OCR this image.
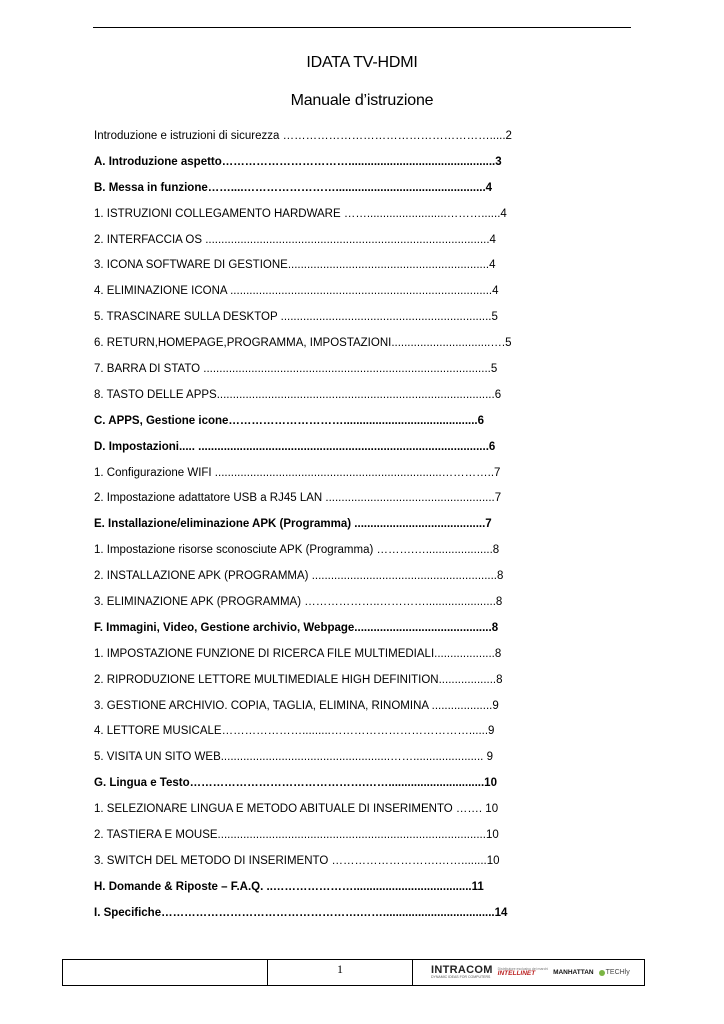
IDATA TV-HDMI
Manuale d’istruzione
Introduzione e istruzioni di sicurezza ……………………………………………….....2
A. Introduzione aspetto……………………………..............................................3
B. Messa in funzione……....……………………...............................................4
1. ISTRUZIONI COLLEGAMENTO HARDWARE …….........................………......4
2. INTERFACCIA OS .........................................................................................4
3. ICONA SOFTWARE DI GESTIONE...............................................................4
4. ELIMINAZIONE ICONA ..................................................................................4
5. TRASCINARE SULLA DESKTOP ..................................................................5
6. RETURN,HOMEPAGE,PROGRAMMA, IMPOSTAZIONI...............................….5
7. BARRA DI STATO ..........................................................................................5
8. TASTO DELLE APPS.......................................................................................6
C. APPS, Gestione icone…………………………..........................................6
D. Impostazioni..... ...........................................................................................6
1. Configurazione WIFI .......................................................................…………..7
2. Impostazione adattatore USB a RJ45 LAN .....................................................7
E. Installazione/eliminazione APK (Programma) .........................................7
1. Impostazione risorse sconosciute APK (Programma) ……….….....................8
2. INSTALLAZIONE APK (PROGRAMMA) ..........................................................8
3. ELIMINAZIONE APK (PROGRAMMA) ………………..…………......................8
F. Immagini, Video, Gestione archivio, Webpage...........................................8
1. IMPOSTAZIONE FUNZIONE DI RICERCA FILE MULTIMEDIALI...................8
2. RIPRODUZIONE LETTORE MULTIMEDIALE HIGH DEFINITION..................8
3. GESTIONE ARCHIVIO. COPIA, TAGLIA, ELIMINA, RINOMINA ...................9
4. LETTORE MUSICALE………………….........………………………………......9
5. VISITA UN SITO WEB.....................................................……...................... 9
G. Lingua e Testo……………………………………….……..............................10
1. SELEZIONARE LINGUA E METODO ABITUALE DI INSERIMENTO ……. 10
2. TASTIERA E MOUSE....................................................................................10
3. SWITCH DEL METODO DI INSERIMENTO ……………………….……........10
H. Domande & Riposte – F.A.Q. ..………………….....................................11
I. Specifiche…………………………………………….……...................................14
1	INTRACOM
DYNAMIC IDEAS FOR COMPUTERS
Distributore esclusivo dei marchi
INTELLINET	MANHATTAN TECHly
